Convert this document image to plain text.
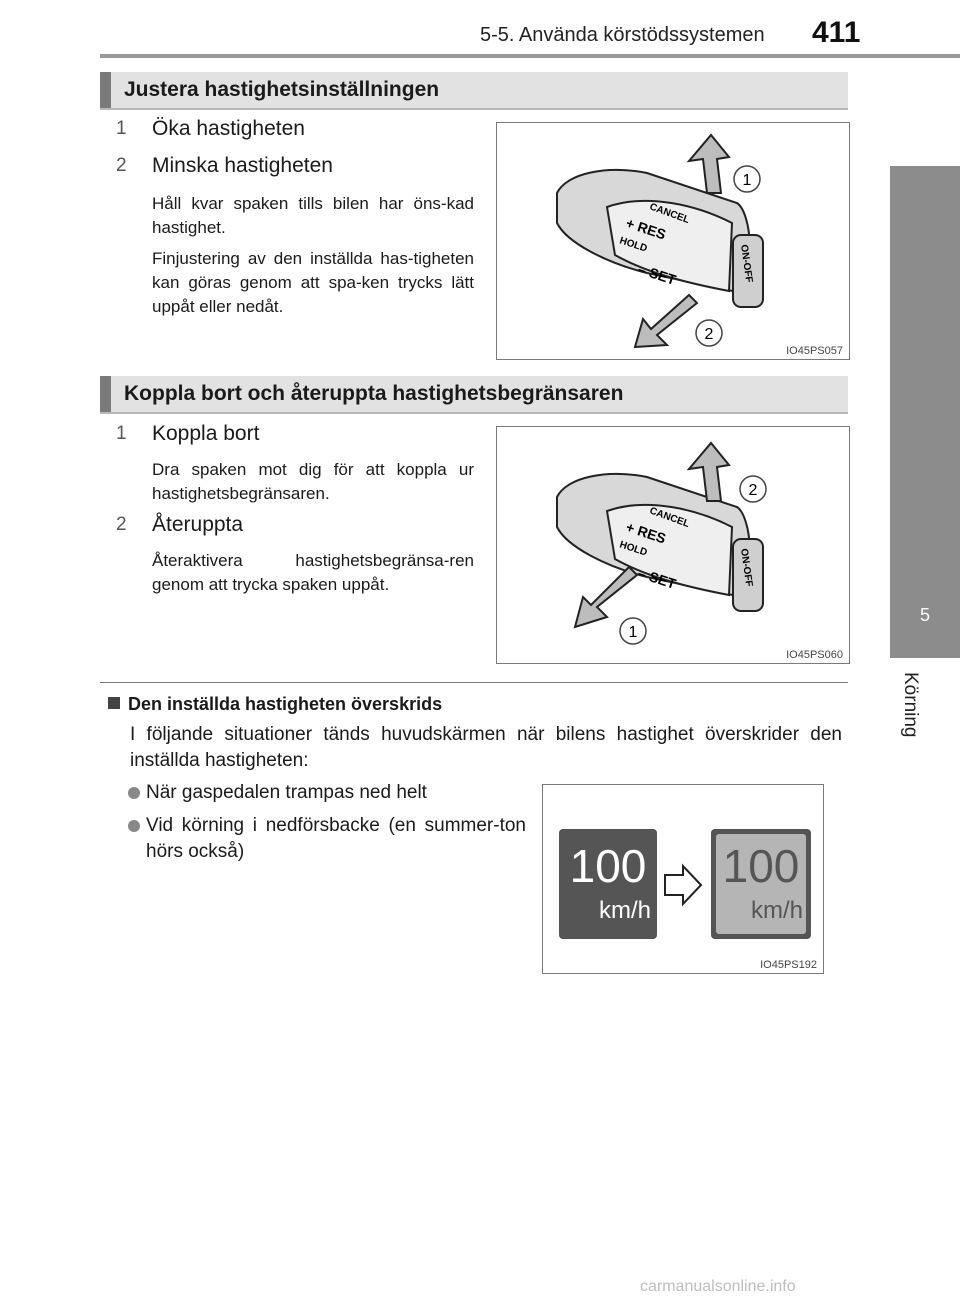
5-5. Använda körstödssystemen	411
5
Körning
Justera hastighetsinställningen
1 Öka hastigheten
2 Minska hastigheten
Håll kvar spaken tills bilen har öns-kad hastighet.
Finjustering av den inställda has-tigheten kan göras genom att spa-ken trycks lätt uppåt eller nedåt.
CANCEL
+ RES
HOLD
– SET	ON-OFF
1
2
IO45PS057
Koppla bort och återuppta hastighetsbegränsaren
1 Koppla bort
Dra spaken mot dig för att koppla ur hastighetsbegränsaren.
2 Återuppta
Återaktivera hastighetsbegränsa-ren genom att trycka spaken uppåt.
CANCEL
+ RES
HOLD
– SET	ON-OFF
2
1
IO45PS060
Den inställda hastigheten överskrids
I följande situationer tänds huvudskärmen när bilens hastighet överskrider den inställda hastigheten:
När gaspedalen trampas ned helt
Vid körning i nedförsbacke (en summer-ton hörs också)	100
km/h
100
km/h
IO45PS192
carmanualsonline.info
